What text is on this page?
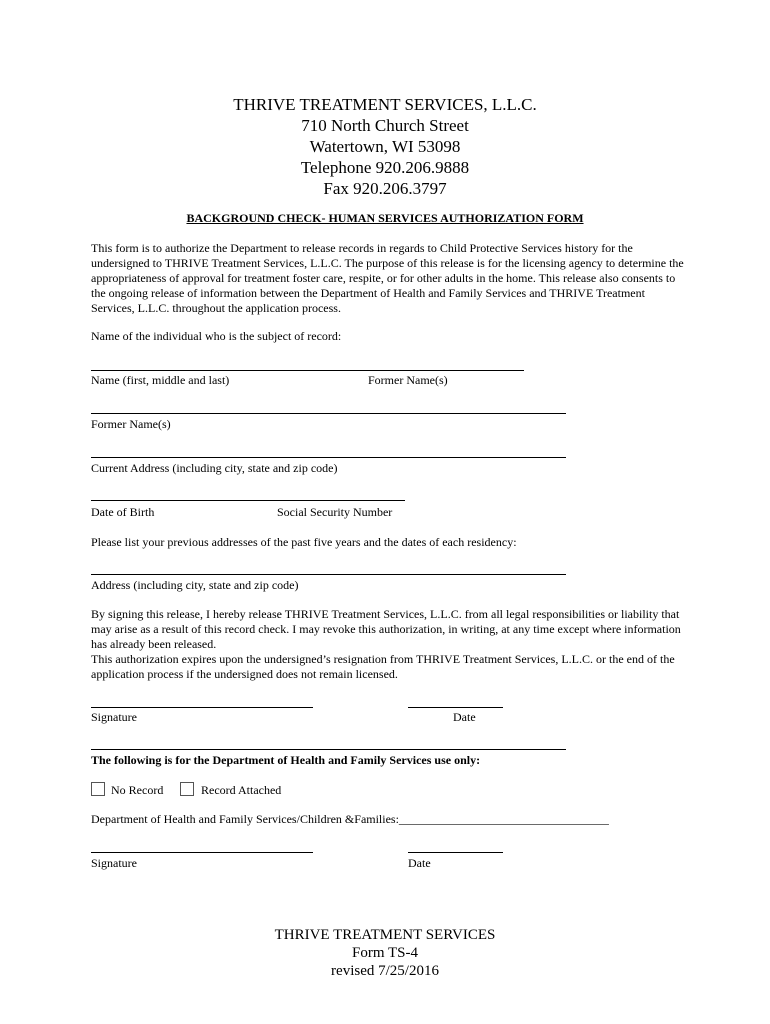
THRIVE TREATMENT SERVICES, L.L.C.
710 North Church Street
Watertown, WI 53098
Telephone 920.206.9888
Fax 920.206.3797
BACKGROUND CHECK- HUMAN SERVICES AUTHORIZATION FORM
This form is to authorize the Department to release records in regards to Child Protective Services history for the undersigned to THRIVE Treatment Services, L.L.C. The purpose of this release is for the licensing agency to determine the appropriateness of approval for treatment foster care, respite, or for other adults in the home. This release also consents to the ongoing release of information between the Department of Health and Family Services and THRIVE Treatment Services, L.L.C. throughout the application process.
Name of the individual who is the subject of record:
Name (first, middle and last)	Former Name(s)
Former Name(s)
Current Address (including city, state and zip code)
Date of Birth	Social Security Number
Please list your previous addresses of the past five years and the dates of each residency:
Address (including city, state and zip code)
By signing this release, I hereby release THRIVE Treatment Services, L.L.C. from all legal responsibilities or liability that may arise as a result of this record check. I may revoke this authorization, in writing, at any time except where information has already been released.
This authorization expires upon the undersigned’s resignation from THRIVE Treatment Services, L.L.C. or the end of the application process if the undersigned does not remain licensed.
Signature	Date
The following is for the Department of Health and Family Services use only:
No Record	Record Attached
Department of Health and Family Services/Children &Families:___________________________________
Signature	Date
THRIVE TREATMENT SERVICES
Form TS-4
revised 7/25/2016
